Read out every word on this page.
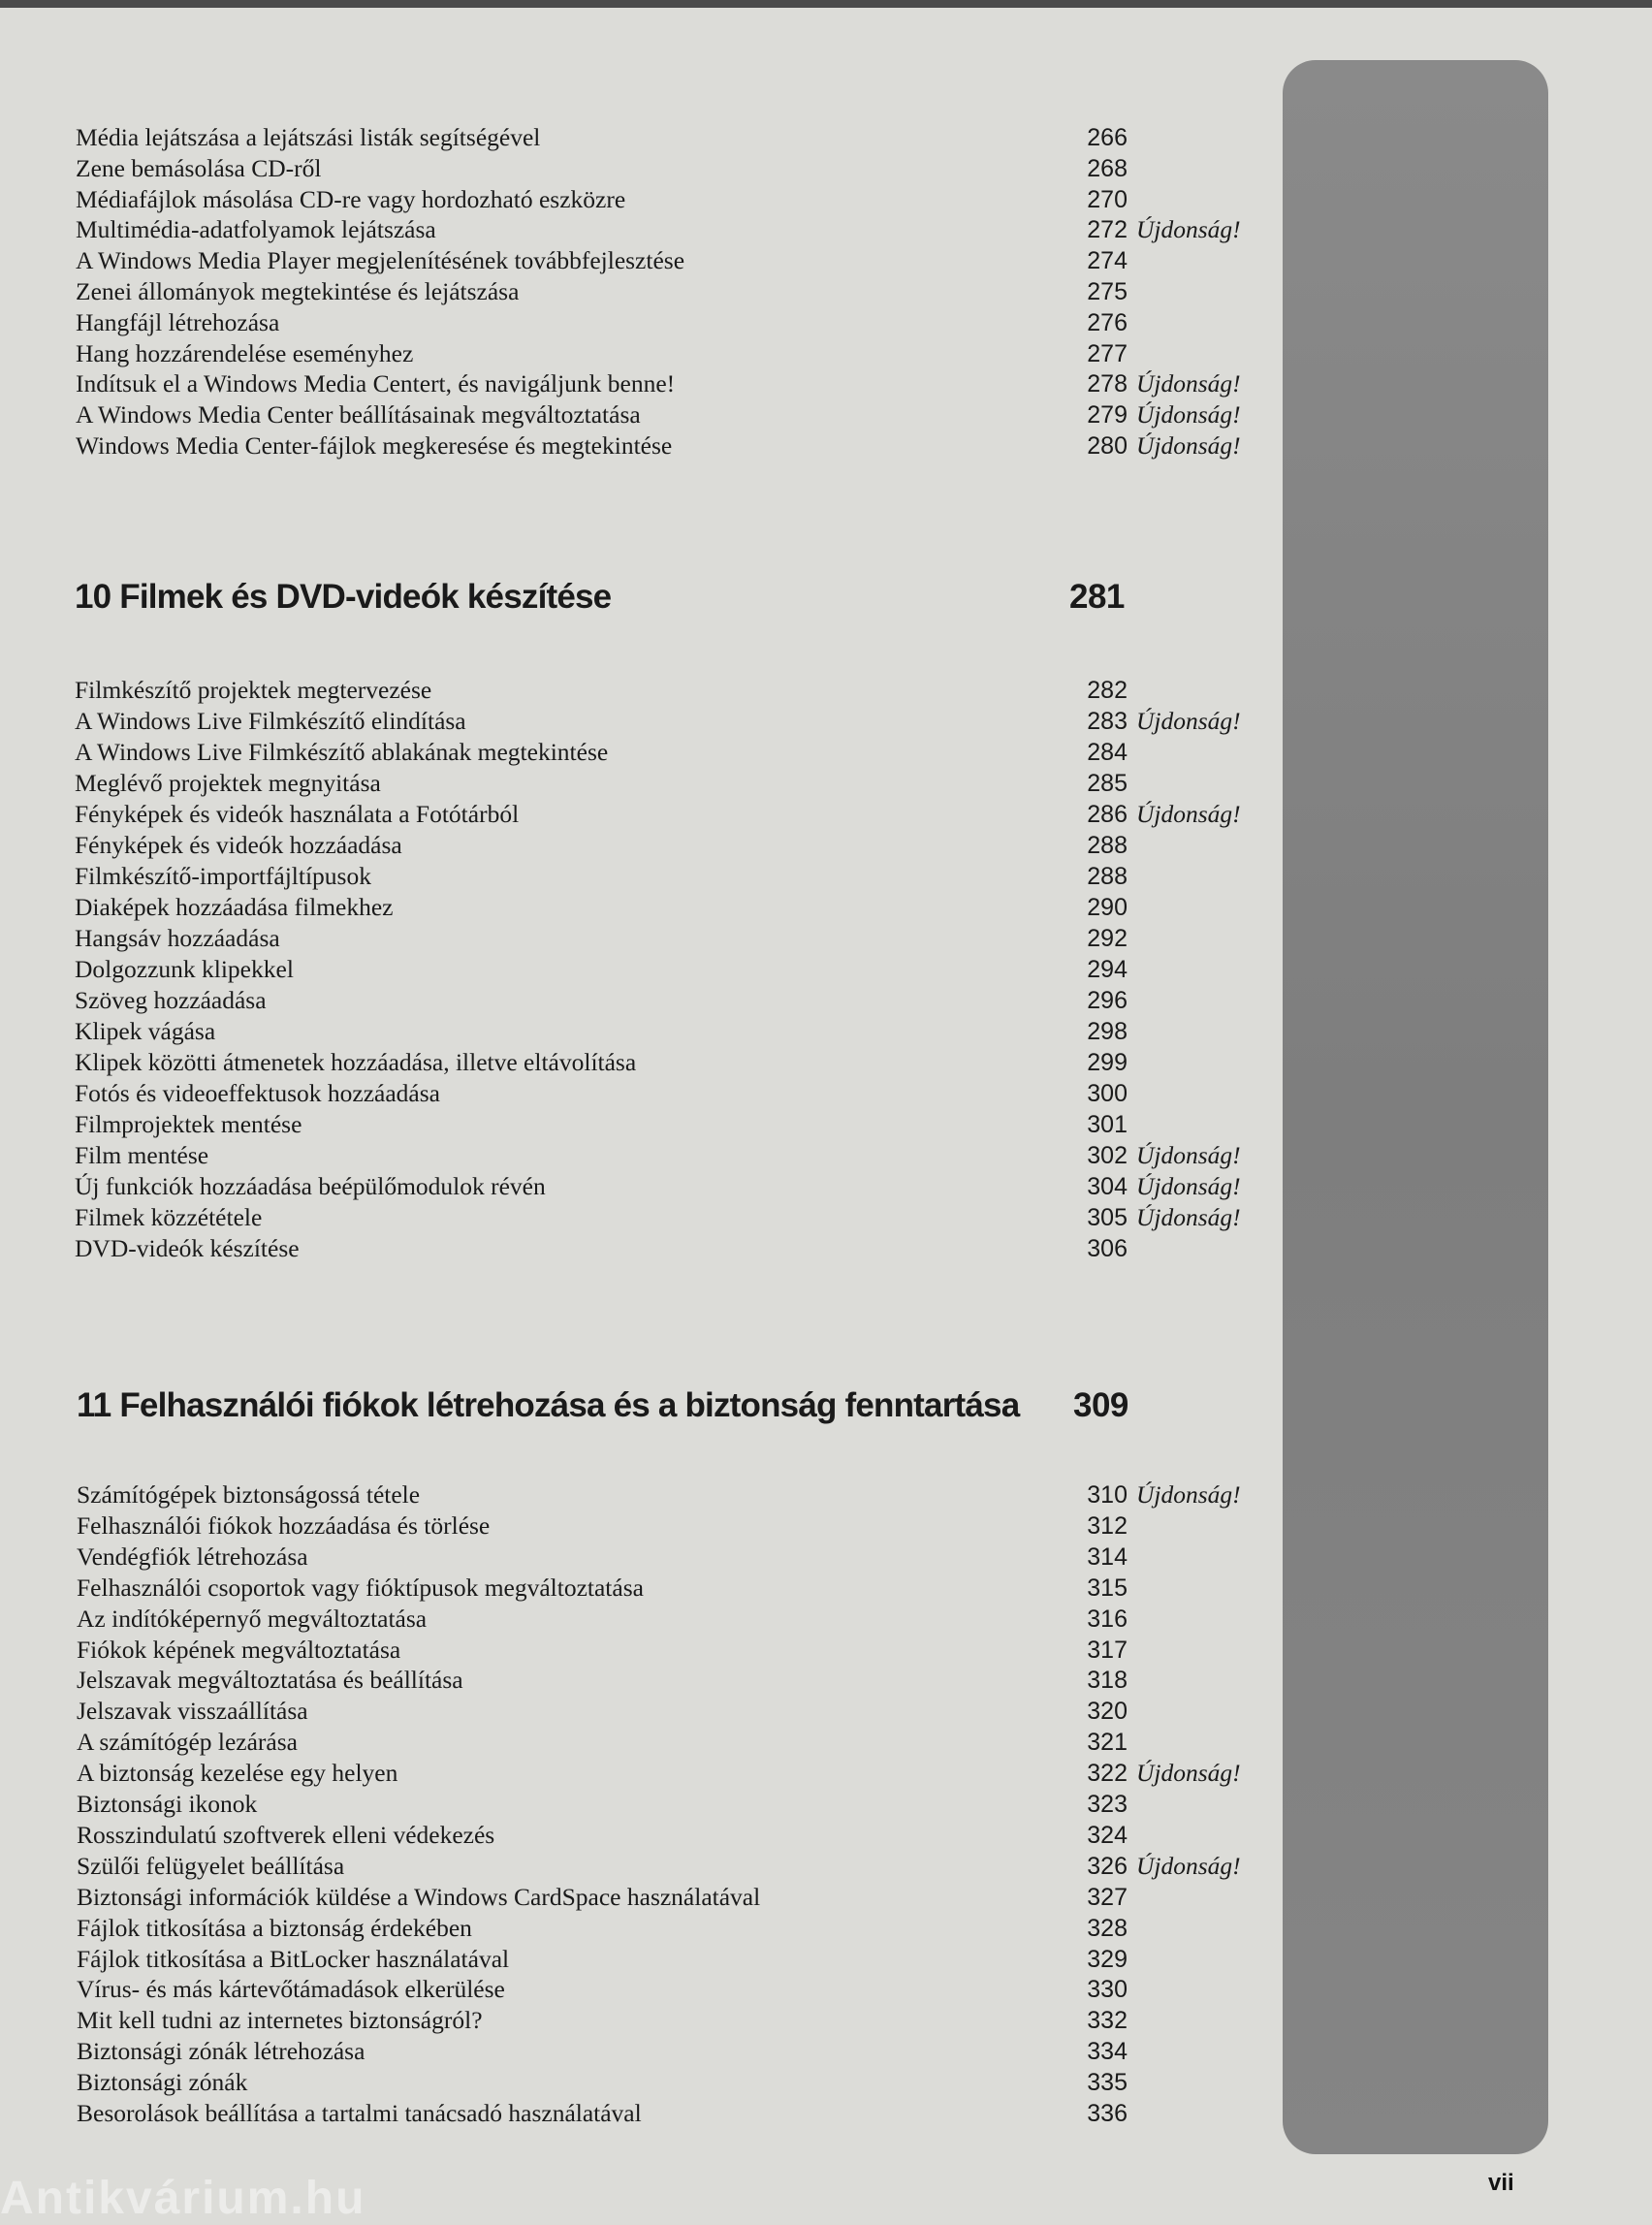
Média lejátszása a lejátszási listák segítségével	266
Zene bemásolása CD-ről	268
Médiafájlok másolása CD-re vagy hordozható eszközre	270
Multimédia-adatfolyamok lejátszása	272 Újdonság!
A Windows Media Player megjelenítésének továbbfejlesztése	274
Zenei állományok megtekintése és lejátszása	275
Hangfájl létrehozása	276
Hang hozzárendelése eseményhez	277
Indítsuk el a Windows Media Centert, és navigáljunk benne!	278 Újdonság!
A Windows Media Center beállításainak megváltoztatása	279 Újdonság!
Windows Media Center-fájlok megkeresése és megtekintése	280 Újdonság!
10 Filmek és DVD-videók készítése	281
Filmkészítő projektek megtervezése	282
A Windows Live Filmkészítő elindítása	283 Újdonság!
A Windows Live Filmkészítő ablakának megtekintése	284
Meglévő projektek megnyitása	285
Fényképek és videók használata a Fotótárból	286 Újdonság!
Fényképek és videók hozzáadása	288
Filmkészítő-importfájltípusok	288
Diaképek hozzáadása filmekhez	290
Hangsáv hozzáadása	292
Dolgozzunk klipekkel	294
Szöveg hozzáadása	296
Klipek vágása	298
Klipek közötti átmenetek hozzáadása, illetve eltávolítása	299
Fotós és videoeffektusok hozzáadása	300
Filmprojektek mentése	301
Film mentése	302 Újdonság!
Új funkciók hozzáadása beépülőmodulok révén	304 Újdonság!
Filmek közzététele	305 Újdonság!
DVD-videók készítése	306
11 Felhasználói fiókok létrehozása és a biztonság fenntartása 309
Számítógépek biztonságossá tétele	310 Újdonság!
Felhasználói fiókok hozzáadása és törlése	312
Vendégfiók létrehozása	314
Felhasználói csoportok vagy fióktípusok megváltoztatása	315
Az indítóképernyő megváltoztatása	316
Fiókok képének megváltoztatása	317
Jelszavak megváltoztatása és beállítása	318
Jelszavak visszaállítása	320
A számítógép lezárása	321
A biztonság kezelése egy helyen	322 Újdonság!
Biztonsági ikonok	323
Rosszindulatú szoftverek elleni védekezés	324
Szülői felügyelet beállítása	326 Újdonság!
Biztonsági információk küldése a Windows CardSpace használatával	327
Fájlok titkosítása a biztonság érdekében	328
Fájlok titkosítása a BitLocker használatával	329
Vírus- és más kártevőtámadások elkerülése	330
Mit kell tudni az internetes biztonságról?	332
Biztonsági zónák létrehozása	334
Biztonsági zónák	335
Besorolások beállítása a tartalmi tanácsadó használatával	336
Antikvárium.hu	vii
